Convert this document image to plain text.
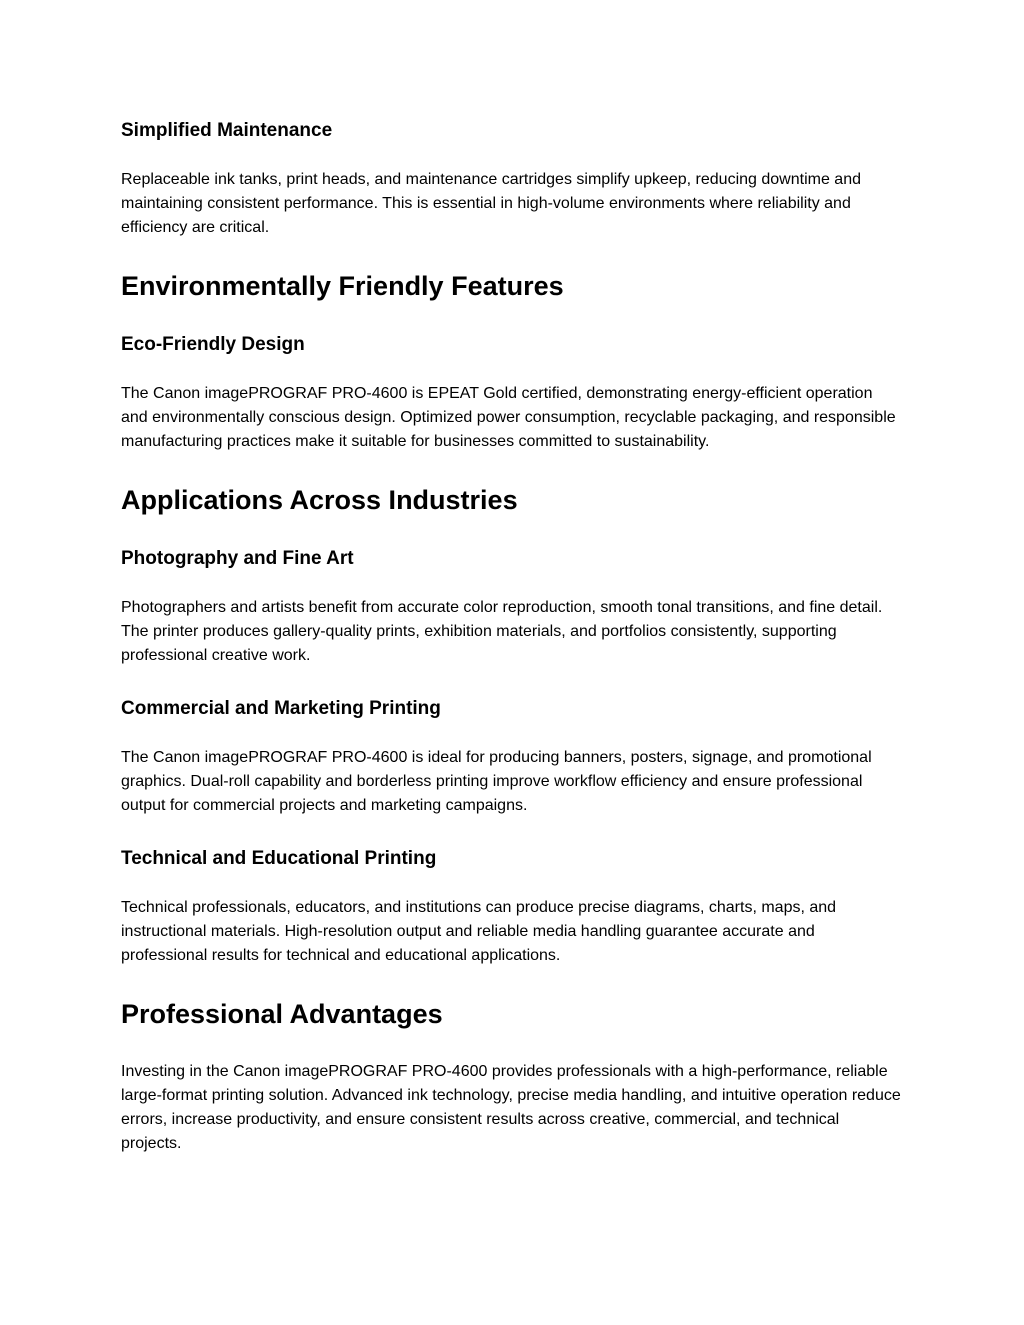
Simplified Maintenance

Replaceable ink tanks, print heads, and maintenance cartridges simplify upkeep, reducing downtime and maintaining consistent performance. This is essential in high-volume environments where reliability and efficiency are critical.

Environmentally Friendly Features
Eco-Friendly Design

The Canon imagePROGRAF PRO-4600 is EPEAT Gold certified, demonstrating energy-efficient operation and environmentally conscious design. Optimized power consumption, recyclable packaging, and responsible manufacturing practices make it suitable for businesses committed to sustainability.

Applications Across Industries
Photography and Fine Art

Photographers and artists benefit from accurate color reproduction, smooth tonal transitions, and fine detail. The printer produces gallery-quality prints, exhibition materials, and portfolios consistently, supporting professional creative work.

Commercial and Marketing Printing

The Canon imagePROGRAF PRO-4600 is ideal for producing banners, posters, signage, and promotional graphics. Dual-roll capability and borderless printing improve workflow efficiency and ensure professional output for commercial projects and marketing campaigns.

Technical and Educational Printing

Technical professionals, educators, and institutions can produce precise diagrams, charts, maps, and instructional materials. High-resolution output and reliable media handling guarantee accurate and professional results for technical and educational applications.

Professional Advantages

Investing in the Canon imagePROGRAF PRO-4600 provides professionals with a high-performance, reliable large-format printing solution. Advanced ink technology, precise media handling, and intuitive operation reduce errors, increase productivity, and ensure consistent results across creative, commercial, and technical projects.
